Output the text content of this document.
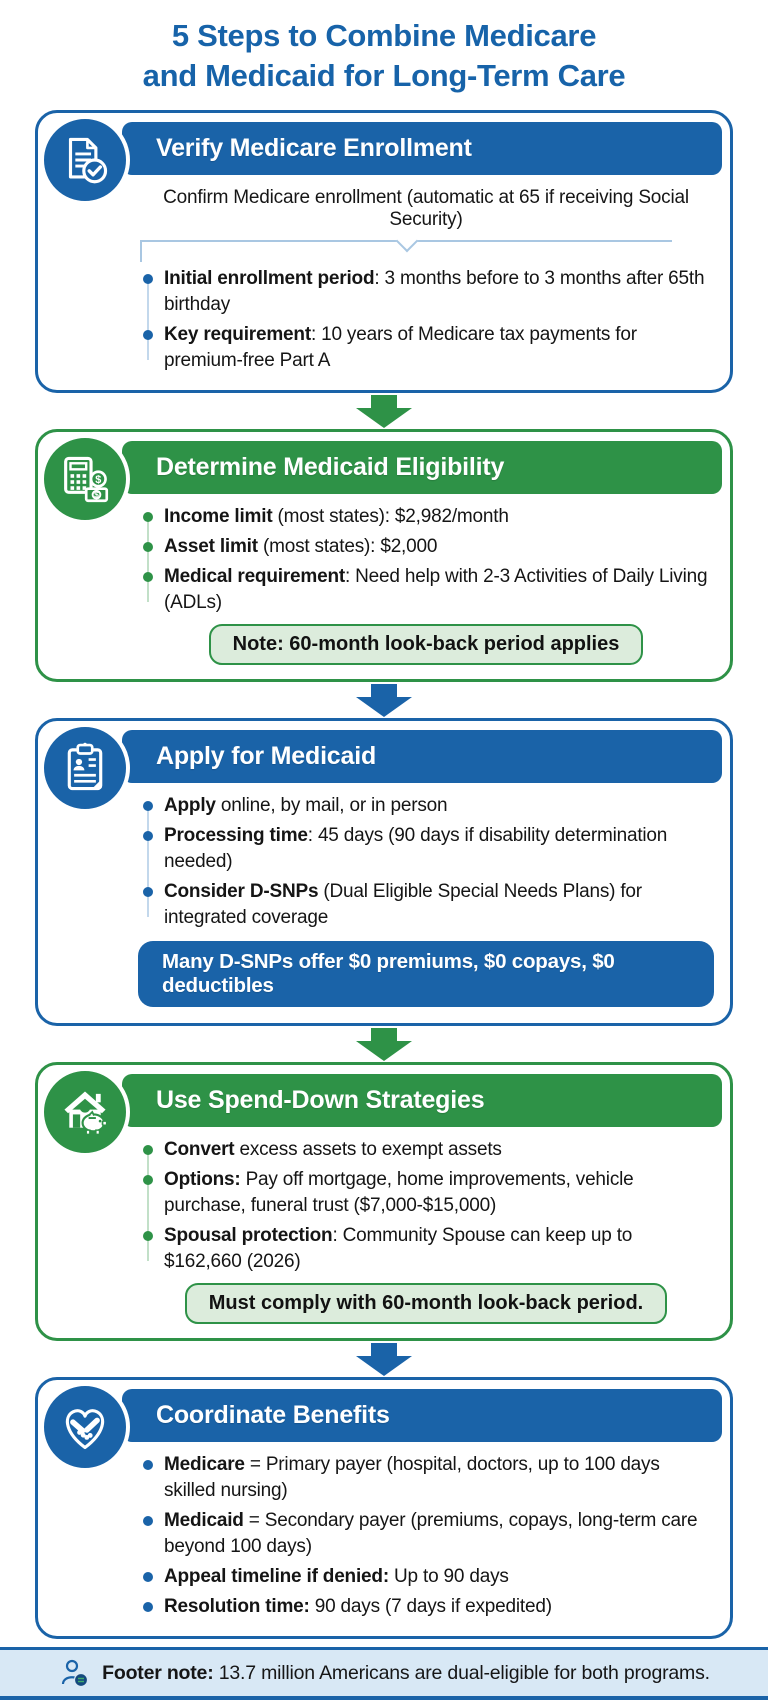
5 Steps to Combine Medicare
and Medicaid for Long-Term Care
Verify Medicare Enrollment

Confirm Medicare enrollment (automatic at 65 if receiving Social Security)

Initial enrollment period: 3 months before to 3 months after 65th birthday
Key requirement: 10 years of Medicare tax payments for premium-free Part A
$
$
Determine Medicaid Eligibility
Income limit (most states): $2,982/month
Asset limit (most states): $2,000
Medical requirement: Need help with 2-3 Activities of Daily Living (ADLs)
Note: 60-month look-back period applies
Apply for Medicaid
Apply online, by mail, or in person
Processing time: 45 days (90 days if disability determination needed)
Consider D-SNPs (Dual Eligible Special Needs Plans) for integrated coverage
Many D-SNPs offer $0 premiums, $0 copays, $0 deductibles
Use Spend-Down Strategies
Convert excess assets to exempt assets
Options: Pay off mortgage, home improvements, vehicle purchase, funeral trust ($7,000-$15,000)
Spousal protection: Community Spouse can keep up to $162,660 (2026)
Must comply with 60-month look-back period.
Coordinate Benefits
Medicare = Primary payer (hospital, doctors, up to 100 days skilled nursing)
Medicaid = Secondary payer (premiums, copays, long-term care beyond 100 days)
Appeal timeline if denied: Up to 90 days
Resolution time: 90 days (7 days if expedited)

Footer note: 13.7 million Americans are dual-eligible for both programs.
